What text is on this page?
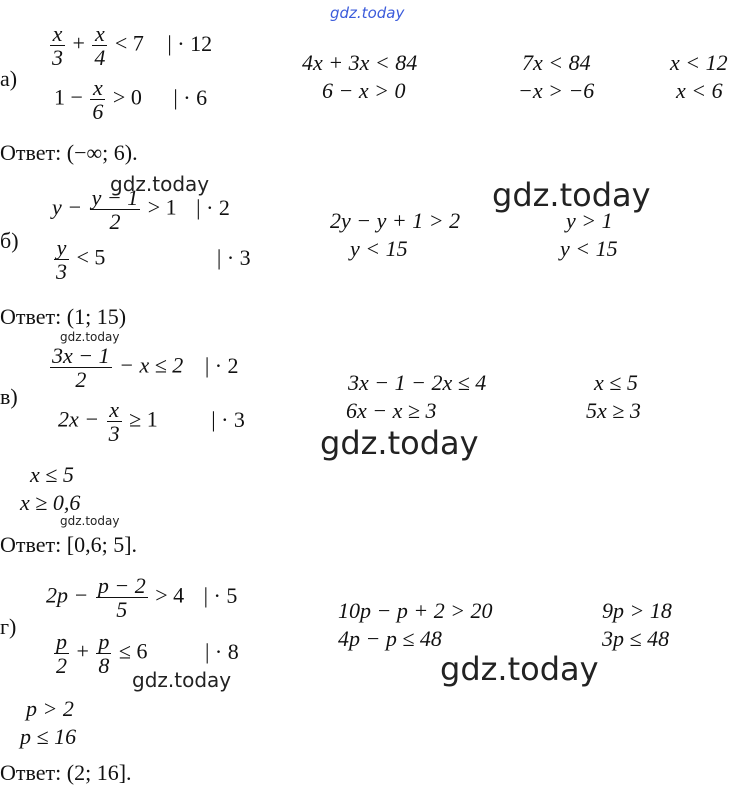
gdz.today
gdz.today	gdz.today
gdz.today
gdz.today
gdz.today
gdz.today
gdz.today
а)
$\frac{x}{3} + \frac{x}{4} < 7$ | · 12
$1 - \frac{x}{6} > 0$ | · 6
4x + 3x < 84
6 − x > 0
7x < 84
−x > −6
x < 12
x < 6
Ответ: (−∞; 6).
б)
$y - \frac{y - 1}{2} > 1$ | · 2
$\frac{y}{3} < 5$	| · 3
2y − y + 1 > 2
y < 15
y > 1
y < 15
Ответ: (1; 15)
в)
$\frac{3x - 1}{2} - x \le 2$ | · 2
$2x - \frac{x}{3} \ge 1$ | · 3
3x − 1 − 2x ≤ 4
6x − x ≥ 3
x ≤ 5
5x ≥ 3
x ≤ 5
x ≥ 0,6
Ответ: [0,6; 5].
г)
$2p - \frac{p - 2}{5} > 4$ | · 5
$\frac{p}{2} + \frac{p}{8} \le 6$	| · 8
10p − p + 2 > 20
4p − p ≤ 48
9p > 18
3p ≤ 48
p > 2
p ≤ 16
Ответ: (2; 16].
